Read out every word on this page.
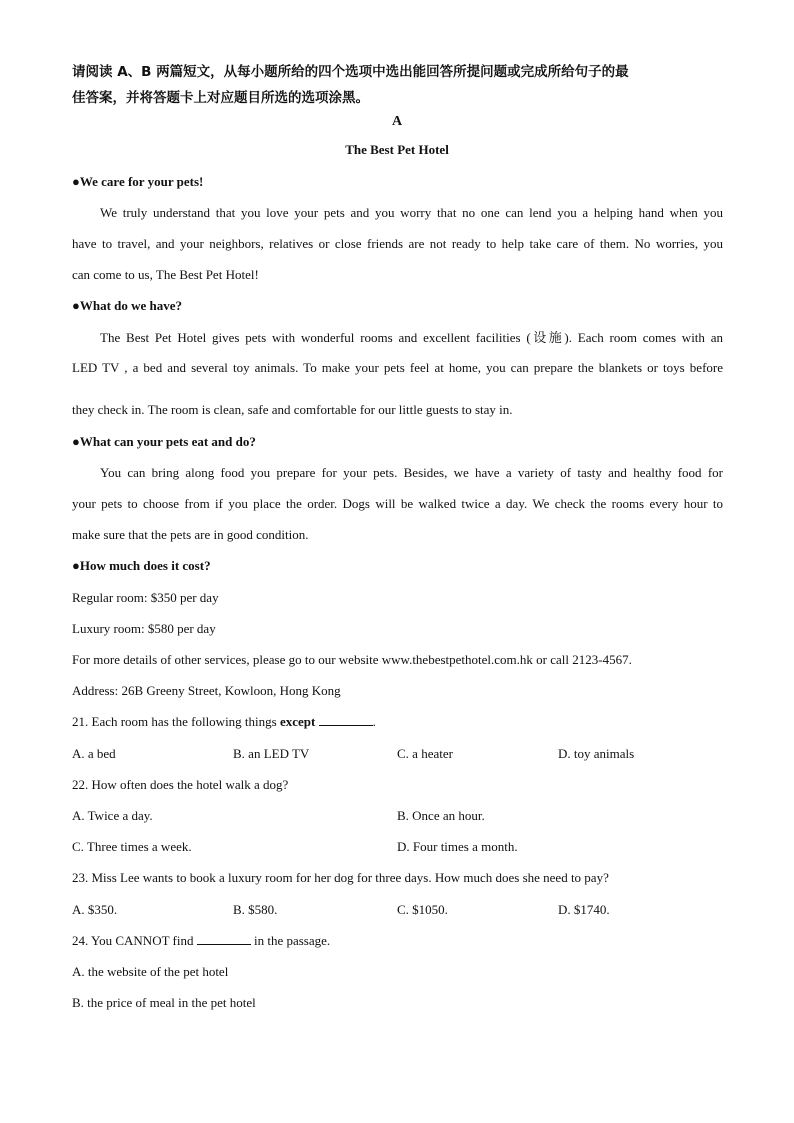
请阅读 A、B 两篇短文，从每小题所给的四个选项中选出能回答所提问题或完成所给句子的最
佳答案，并将答题卡上对应题目所选的选项涂黑。
A
The Best Pet Hotel
●We care for your pets!
We truly understand that you love your pets and you worry that no one can lend you a helping hand when you
have to travel, and your neighbors, relatives or close friends are not ready to help take care of them. No worries, you
can come to us, The Best Pet Hotel!
●What do we have?
The Best Pet Hotel gives pets with wonderful rooms and excellent facilities (设施). Each room comes with an
LED TV , a bed and several toy animals. To make your pets feel at home, you can prepare the blankets or toys before
they check in. The room is clean, safe and comfortable for our little guests to stay in.
●What can your pets eat and do?
You can bring along food you prepare for your pets. Besides, we have a variety of tasty and healthy food for
your pets to choose from if you place the order. Dogs will be walked twice a day. We check the rooms every hour to
make sure that the pets are in good condition.
●How much does it cost?
Regular room: $350 per day
Luxury room: $580 per day
For more details of other services, please go to our website www.thebestpethotel.com.hk or call 2123-4567.
Address: 26B Greeny Street, Kowloon, Hong Kong
21. Each room has the following things except	.
A. a bed	B. an LED TV	C. a heater	D. toy animals
22. How often does the hotel walk a dog?
A. Twice a day.	B. Once an hour.
C. Three times a week.	D. Four times a month.
23. Miss Lee wants to book a luxury room for her dog for three days. How much does she need to pay?
A. $350.	B. $580.	C. $1050.	D. $1740.
24. You CANNOT find	in the passage.
A. the website of the pet hotel
B. the price of meal in the pet hotel
